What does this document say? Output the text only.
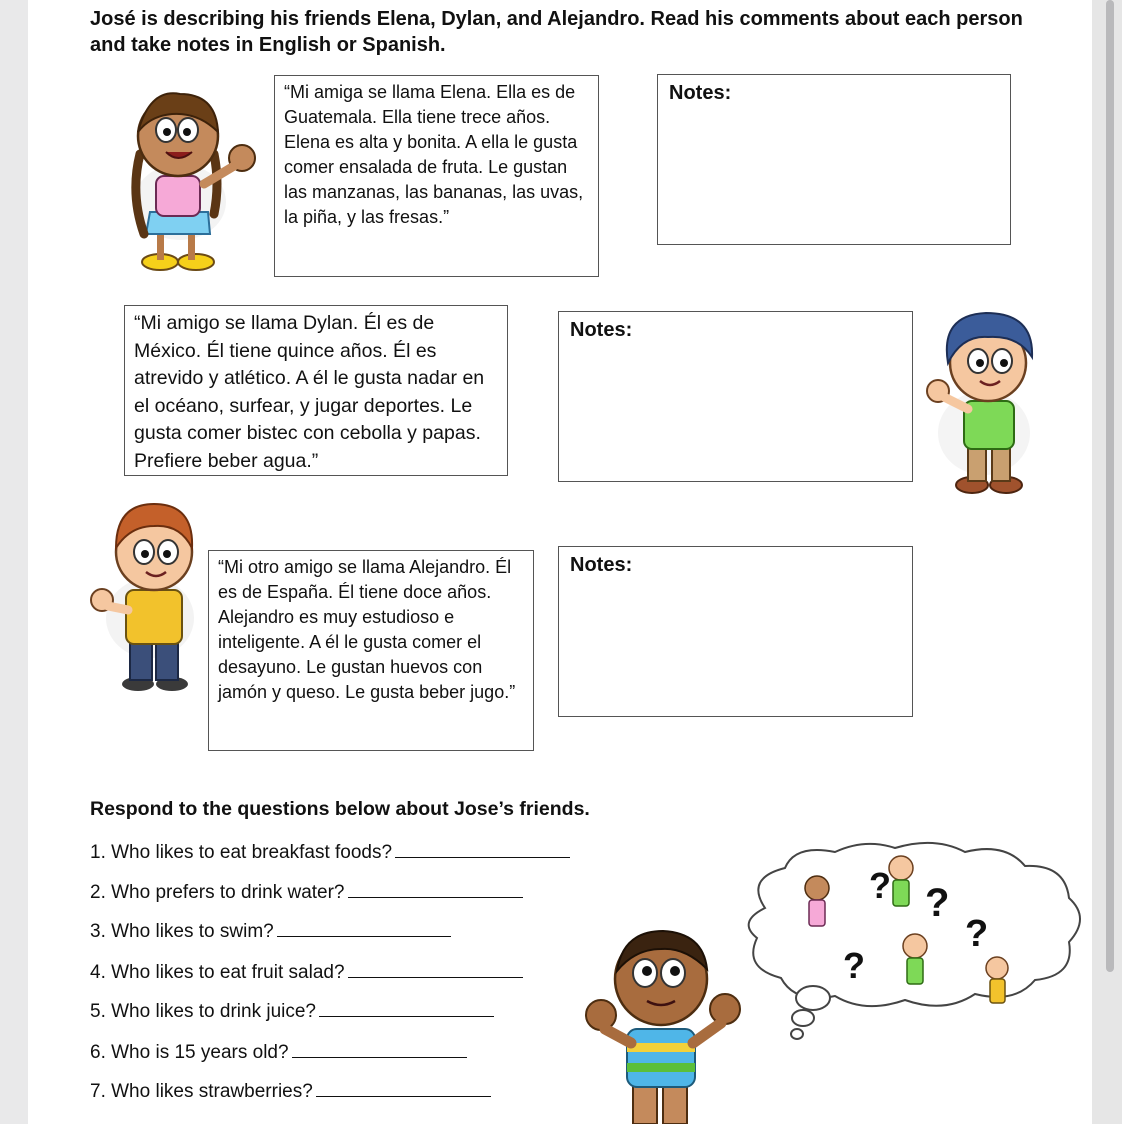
José is describing his friends Elena, Dylan, and Alejandro. Read his comments about each person and take notes in English or Spanish.
“Mi amiga se llama Elena. Ella es de Guatemala. Ella tiene trece años. Elena es alta y bonita. A ella le gusta comer ensalada de fruta. Le gustan las manzanas, las bananas, las uvas, la piña, y las fresas.”
Notes:
“Mi amigo se llama Dylan. Él es de México. Él tiene quince años. Él es atrevido y atlético. A él le gusta nadar en el océano, surfear, y jugar deportes. Le gusta comer bistec con cebolla y papas. Prefiere beber agua.”
Notes:
“Mi otro amigo se llama Alejandro. Él es de España. Él tiene doce años. Alejandro es muy estudioso e inteligente. A él le gusta comer el desayuno. Le gustan huevos con jamón y queso. Le gusta beber jugo.”
Notes:
Respond to the questions below about Jose’s friends.
1. Who likes to eat breakfast foods?
2. Who prefers to drink water?
3. Who likes to swim?
4. Who likes to eat fruit salad?
5. Who likes to drink juice?
6. Who is 15 years old?
7. Who likes strawberries?
? ?
?
?
